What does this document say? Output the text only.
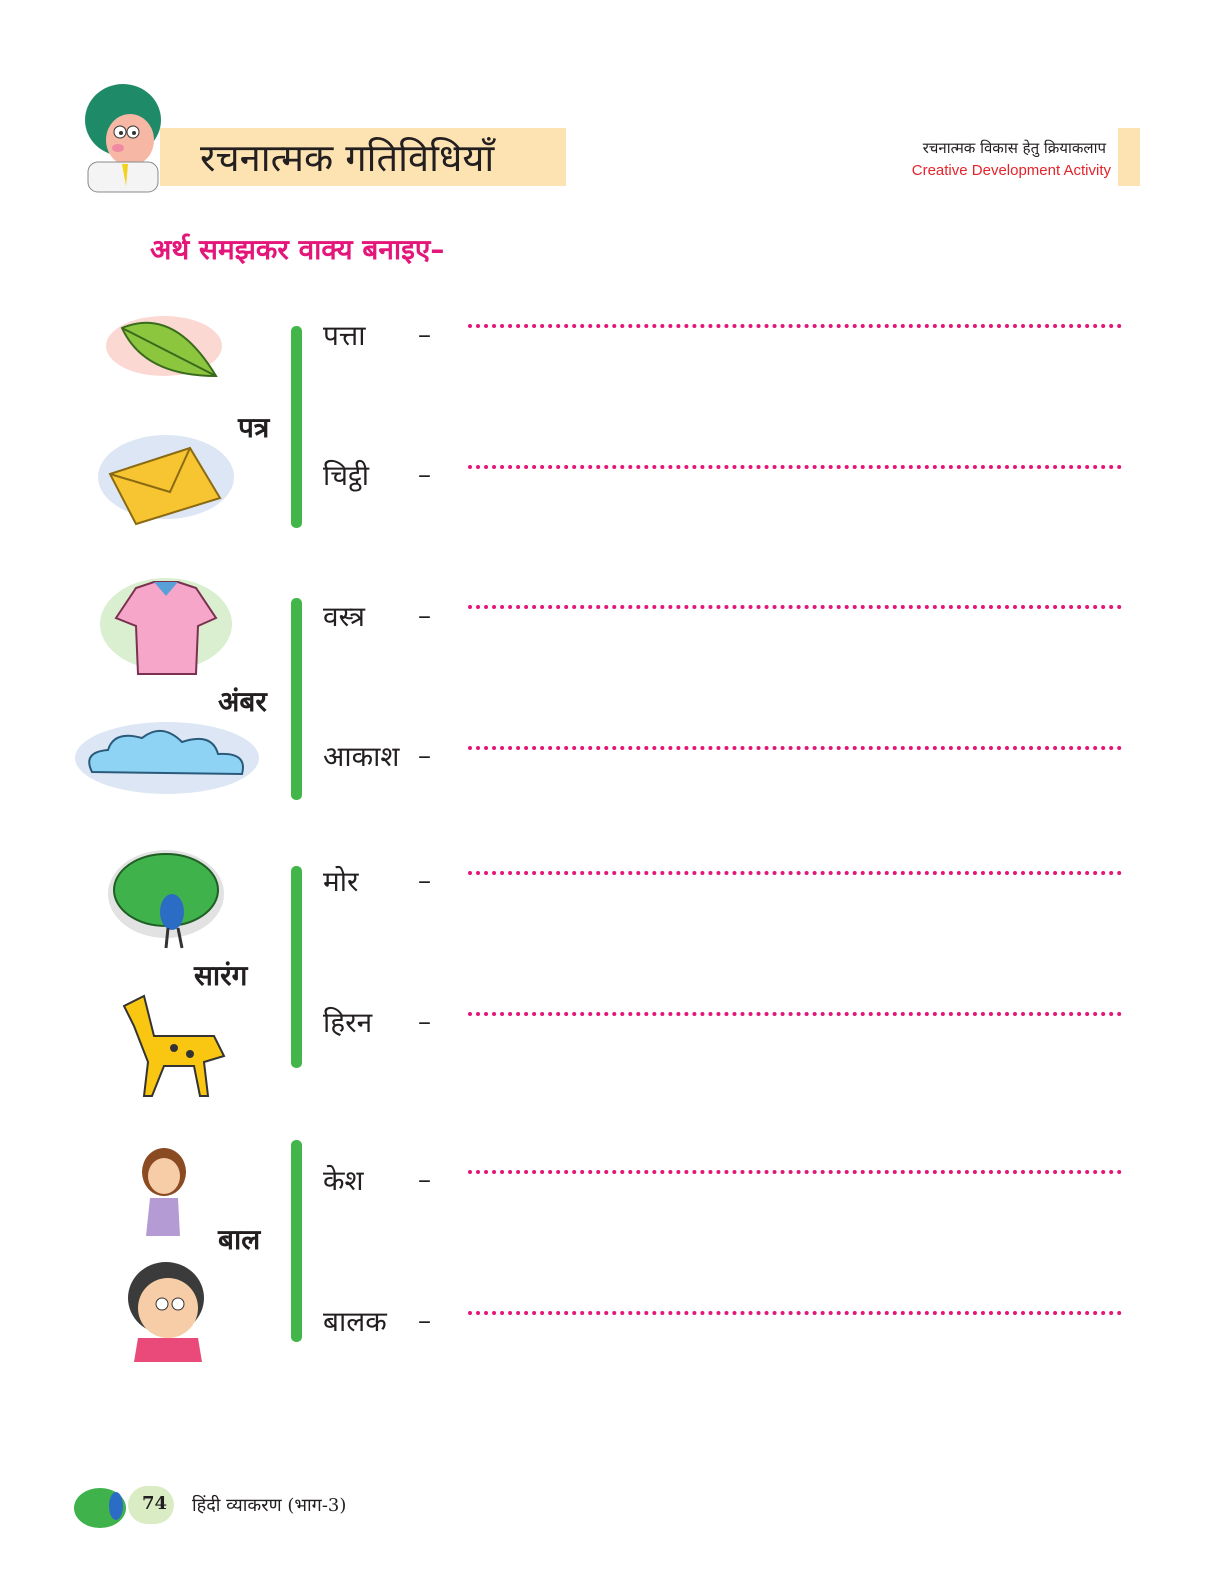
रचनात्मक गतिविधियाँ	रचनात्मक विकास हेतु क्रियाकलाप
Creative Development Activity
अर्थ समझकर वाक्य बनाइए–
पत्र
पत्ता –
चिट्ठी –
अंबर
वस्त्र –
आकाश –
सारंग
मोर –
हिरन –
बाल
केश –
बालक –
74 हिंदी व्याकरण (भाग-3)
